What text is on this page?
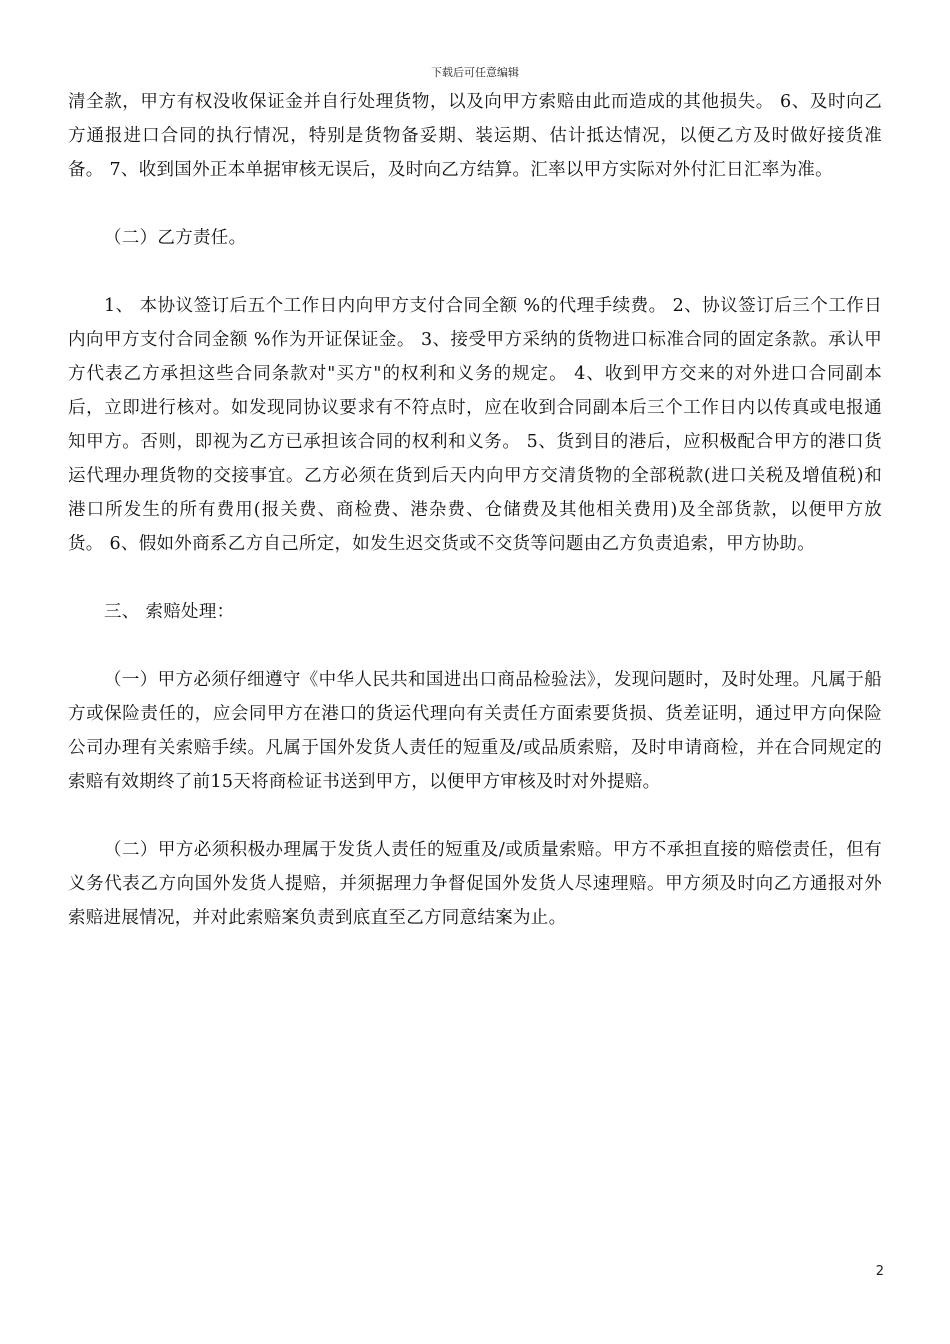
下载后可任意编辑

清全款，甲方有权没收保证金并自行处理货物，以及向甲方索赔由此而造成的其他损失。 6、及时向乙方通报进口合同的执行情况，特别是货物备妥期、装运期、估计抵达情况，以便乙方及时做好接货准备。 7、收到国外正本单据审核无误后，及时向乙方结算。汇率以甲方实际对外付汇日汇率为准。

（二）乙方责任。

1、 本协议签订后五个工作日内向甲方支付合同全额 %的代理手续费。 2、协议签订后三个工作日内向甲方支付合同金额 %作为开证保证金。 3、接受甲方采纳的货物进口标准合同的固定条款。承认甲方代表乙方承担这些合同条款对"买方"的权利和义务的规定。 4、收到甲方交来的对外进口合同副本后，立即进行核对。如发现同协议要求有不符点时，应在收到合同副本后三个工作日内以传真或电报通知甲方。否则，即视为乙方已承担该合同的权利和义务。 5、货到目的港后，应积极配合甲方的港口货运代理办理货物的交接事宜。乙方必须在货到后天内向甲方交清货物的全部税款(进口关税及增值税)和港口所发生的所有费用(报关费、商检费、港杂费、仓储费及其他相关费用)及全部货款，以便甲方放货。 6、假如外商系乙方自己所定，如发生迟交货或不交货等问题由乙方负责追索，甲方协助。

三、 索赔处理：

（一）甲方必须仔细遵守《中华人民共和国进出口商品检验法》，发现问题时，及时处理。凡属于船方或保险责任的，应会同甲方在港口的货运代理向有关责任方面索要货损、货差证明，通过甲方向保险公司办理有关索赔手续。凡属于国外发货人责任的短重及/或品质索赔，及时申请商检，并在合同规定的索赔有效期终了前15天将商检证书送到甲方，以便甲方审核及时对外提赔。

（二）甲方必须积极办理属于发货人责任的短重及/或质量索赔。甲方不承担直接的赔偿责任，但有义务代表乙方向国外发货人提赔，并须据理力争督促国外发货人尽速理赔。甲方须及时向乙方通报对外索赔进展情况，并对此索赔案负责到底直至乙方同意结案为止。

2
